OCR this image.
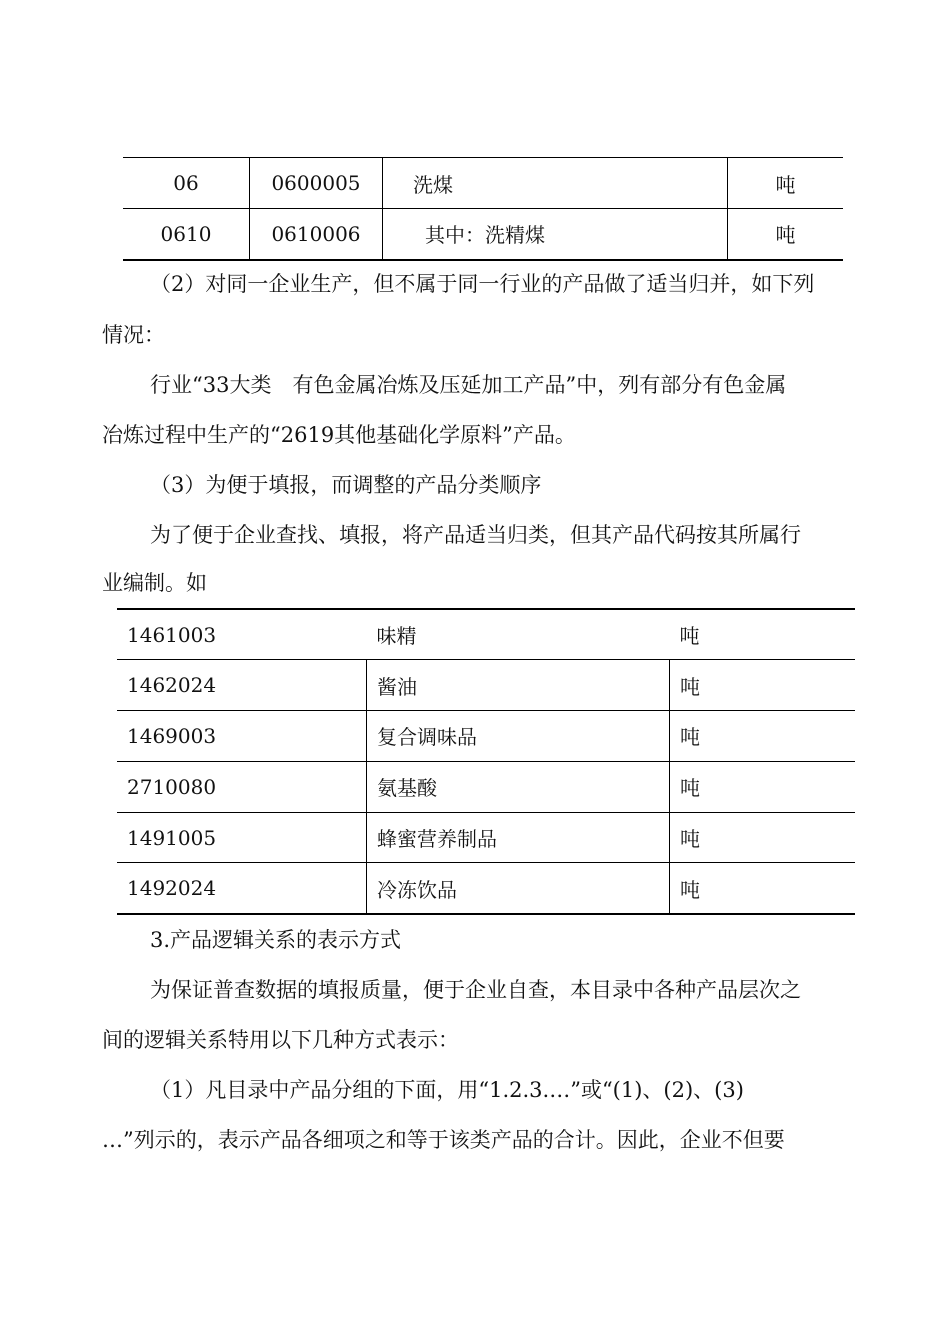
06	0600005	洗煤	吨
0610	0610006	其中：洗精煤	吨

（2）对同一企业生产，但不属于同一行业的产品做了适当归并，如下列

情况：

行业“33大类　有色金属冶炼及压延加工产品”中，列有部分有色金属

冶炼过程中生产的“2619其他基础化学原料”产品。

（3）为便于填报，而调整的产品分类顺序

为了便于企业查找、填报，将产品适当归类，但其产品代码按其所属行

业编制。如

1461003	味精	吨
1462024	酱油	吨
1469003	复合调味品	吨
2710080	氨基酸	吨
1491005	蜂蜜营养制品	吨
1492024	冷冻饮品	吨

3.产品逻辑关系的表示方式

为保证普查数据的填报质量，便于企业自查，本目录中各种产品层次之

间的逻辑关系特用以下几种方式表示：

（1）凡目录中产品分组的下面，用“1.2.3.…”或“(1)、(2)、(3)

…”列示的，表示产品各细项之和等于该类产品的合计。因此，企业不但要
